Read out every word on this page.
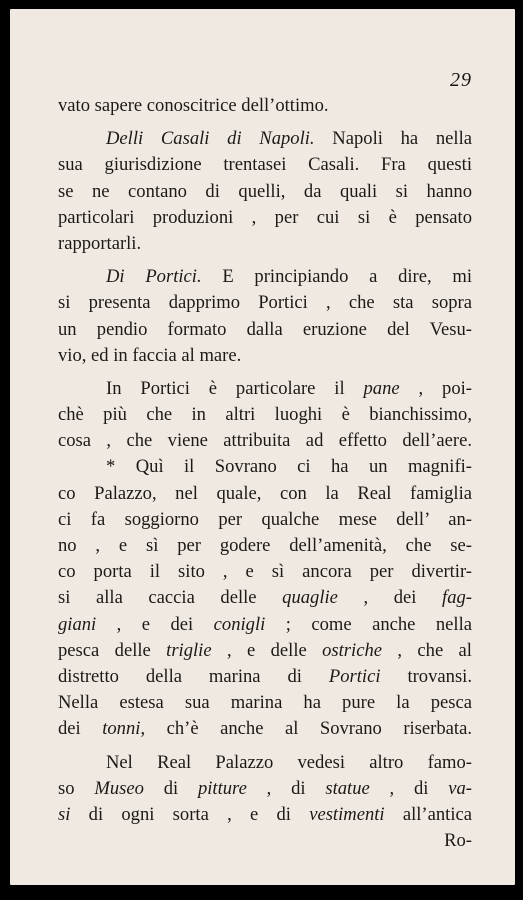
29
vato sapere conoscitrice dell’ottimo.
Delli Casali di Napoli. Napoli ha nella
sua giurisdizione trentasei Casali. Fra questi
se ne contano di quelli, da quali si hanno
particolari produzioni , per cui si è pensato
rapportarli.
Di Portici. E principiando a dire, mi
si presenta dapprimo Portici , che sta sopra
un pendio formato dalla eruzione del Vesu-
vio, ed in faccia al mare.
In Portici è particolare il pane , poi-
chè più che in altri luoghi è bianchissimo,
cosa , che viene attribuita ad effetto dell’aere.
* Quì il Sovrano ci ha un magnifi-
co Palazzo, nel quale, con la Real famiglia
ci fa soggiorno per qualche mese dell’ an-
no , e sì per godere dell’amenità, che se-
co porta il sito , e sì ancora per divertir-
si alla caccia delle quaglie , dei fag-
giani , e dei conigli ; come anche nella
pesca delle triglie , e delle ostriche , che al
distretto della marina di Portici trovansi.
Nella estesa sua marina ha pure la pesca
dei tonni, ch’è anche al Sovrano riserbata.
Nel Real Palazzo vedesi altro famo-
so Museo di pitture , di statue , di va-
si di ogni sorta , e di vestimenti all’antica
Ro-
